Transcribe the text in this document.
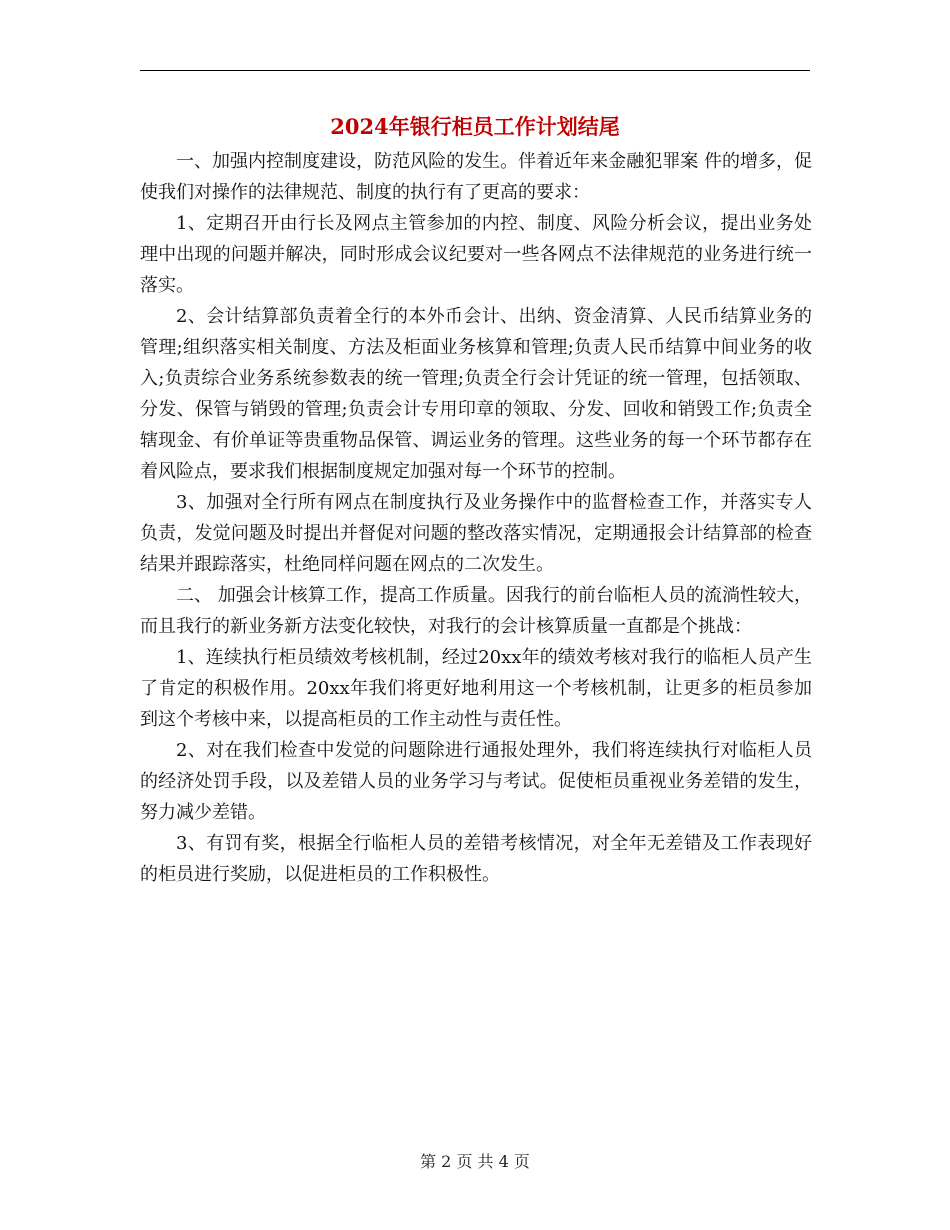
2024年银行柜员工作计划结尾

一、加强内控制度建设，防范风险的发生。伴着近年来金融犯罪案 件的增多，促使我们对操作的法律规范、制度的执行有了更高的要求：

1、定期召开由行长及网点主管参加的内控、制度、风险分析会议，提出业务处理中出现的问题并解决，同时形成会议纪要对一些各网点不法律规范的业务进行统一落实。

2、会计结算部负责着全行的本外币会计、出纳、资金清算、人民币结算业务的管理;组织落实相关制度、方法及柜面业务核算和管理;负责人民币结算中间业务的收入;负责综合业务系统参数表的统一管理;负责全行会计凭证的统一管理，包括领取、分发、保管与销毁的管理;负责会计专用印章的领取、分发、回收和销毁工作;负责全辖现金、有价单证等贵重物品保管、调运业务的管理。这些业务的每一个环节都存在着风险点，要求我们根据制度规定加强对每一个环节的控制。

3、加强对全行所有网点在制度执行及业务操作中的监督检查工作，并落实专人负责，发觉问题及时提出并督促对问题的整改落实情况，定期通报会计结算部的检查结果并跟踪落实，杜绝同样问题在网点的二次发生。

二、 加强会计核算工作，提高工作质量。因我行的前台临柜人员的流淌性较大，而且我行的新业务新方法变化较快，对我行的会计核算质量一直都是个挑战：

1、连续执行柜员绩效考核机制，经过20xx年的绩效考核对我行的临柜人员产生了肯定的积极作用。20xx年我们将更好地利用这一个考核机制，让更多的柜员参加到这个考核中来，以提高柜员的工作主动性与责任性。

2、对在我们检查中发觉的问题除进行通报处理外，我们将连续执行对临柜人员的经济处罚手段，以及差错人员的业务学习与考试。促使柜员重视业务差错的发生，努力减少差错。

3、有罚有奖，根据全行临柜人员的差错考核情况，对全年无差错及工作表现好的柜员进行奖励，以促进柜员的工作积极性。

第 2 页 共 4 页
